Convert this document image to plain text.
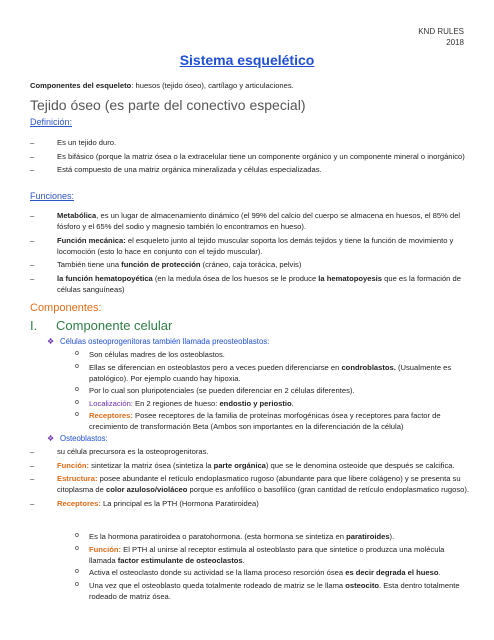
KND RULES
2018
Sistema esquelético
Componentes del esqueleto: huesos (tejido óseo), cartílago y articulaciones.
Tejido óseo (es parte del conectivo especial)
Definición:
– Es un tejido duro.
– Es bifásico (porque la matriz ósea o la extracelular tiene un componente orgánico y un componente mineral o inorgánico)
– Está compuesto de una matriz orgánica mineralizada y células especializadas.
Funciones:
– Metabólica, es un lugar de almacenamiento dinámico (el 99% del calcio del cuerpo se almacena en huesos, el 85% del fósforo y el 65% del sodio y magnesio también lo encontramos en hueso).
– Función mecánica: el esqueleto junto al tejido muscular soporta los demás tejidos y tiene la función de movimiento y locomoción (esto lo hace en conjunto con el tejido muscular).
– También tiene una función de protección (cráneo, caja torácica, pelvis)
– la función hematopoyética (en la medula ósea de los huesos se le produce la hematopoyesis que es la formación de células sanguíneas)
Componentes:
I. Componente celular
❖ Células osteoprogenitoras también llamada preosteoblastos:
o Son células madres de los osteoblastos.
o Ellas se diferencian en osteoblastos pero a veces pueden diferenciarse en condroblastos. (Usualmente es patológico). Por ejemplo cuando hay hipoxia.
o Por lo cual son pluripotenciales (se pueden diferenciar en 2 células diferentes).
o Localización: En 2 regiones de hueso: endostio y periostio.
o Receptores: Posee receptores de la familia de proteínas morfogénicas ósea y receptores para factor de crecimiento de transformación Beta (Ambos son importantes en la diferenciación de la célula)
❖ Osteoblastos:
– su célula precursora es la osteoprogenitoras.
– Función: sintetizar la matriz ósea (sintetiza la parte orgánica) que se le denomina osteoide que después se calcifica.
– Estructura: posee abundante el retículo endoplasmatico rugoso (abundante para que libere colágeno) y se presenta su citoplasma de color azuloso/violáceo porque es anfofilico o basofilico (gran cantidad de retículo endoplasmatico rugoso).
– Receptores: La principal es la PTH (Hormona Paratiroidea)
o Es la hormona paratiroidea o paratohormona. (esta hormona se sintetiza en paratiroides).
o Función: El PTH al unirse al receptor estimula al osteoblasto para que sintetice o produzca una molécula llamada factor estimulante de osteoclastos.
o Activa el osteoclasto donde su actividad se la llama proceso resorción ósea es decir degrada el hueso.
o Una vez que el osteoblasto queda totalmente rodeado de matriz se le llama osteocito. Esta dentro totalmente rodeado de matriz ósea.
